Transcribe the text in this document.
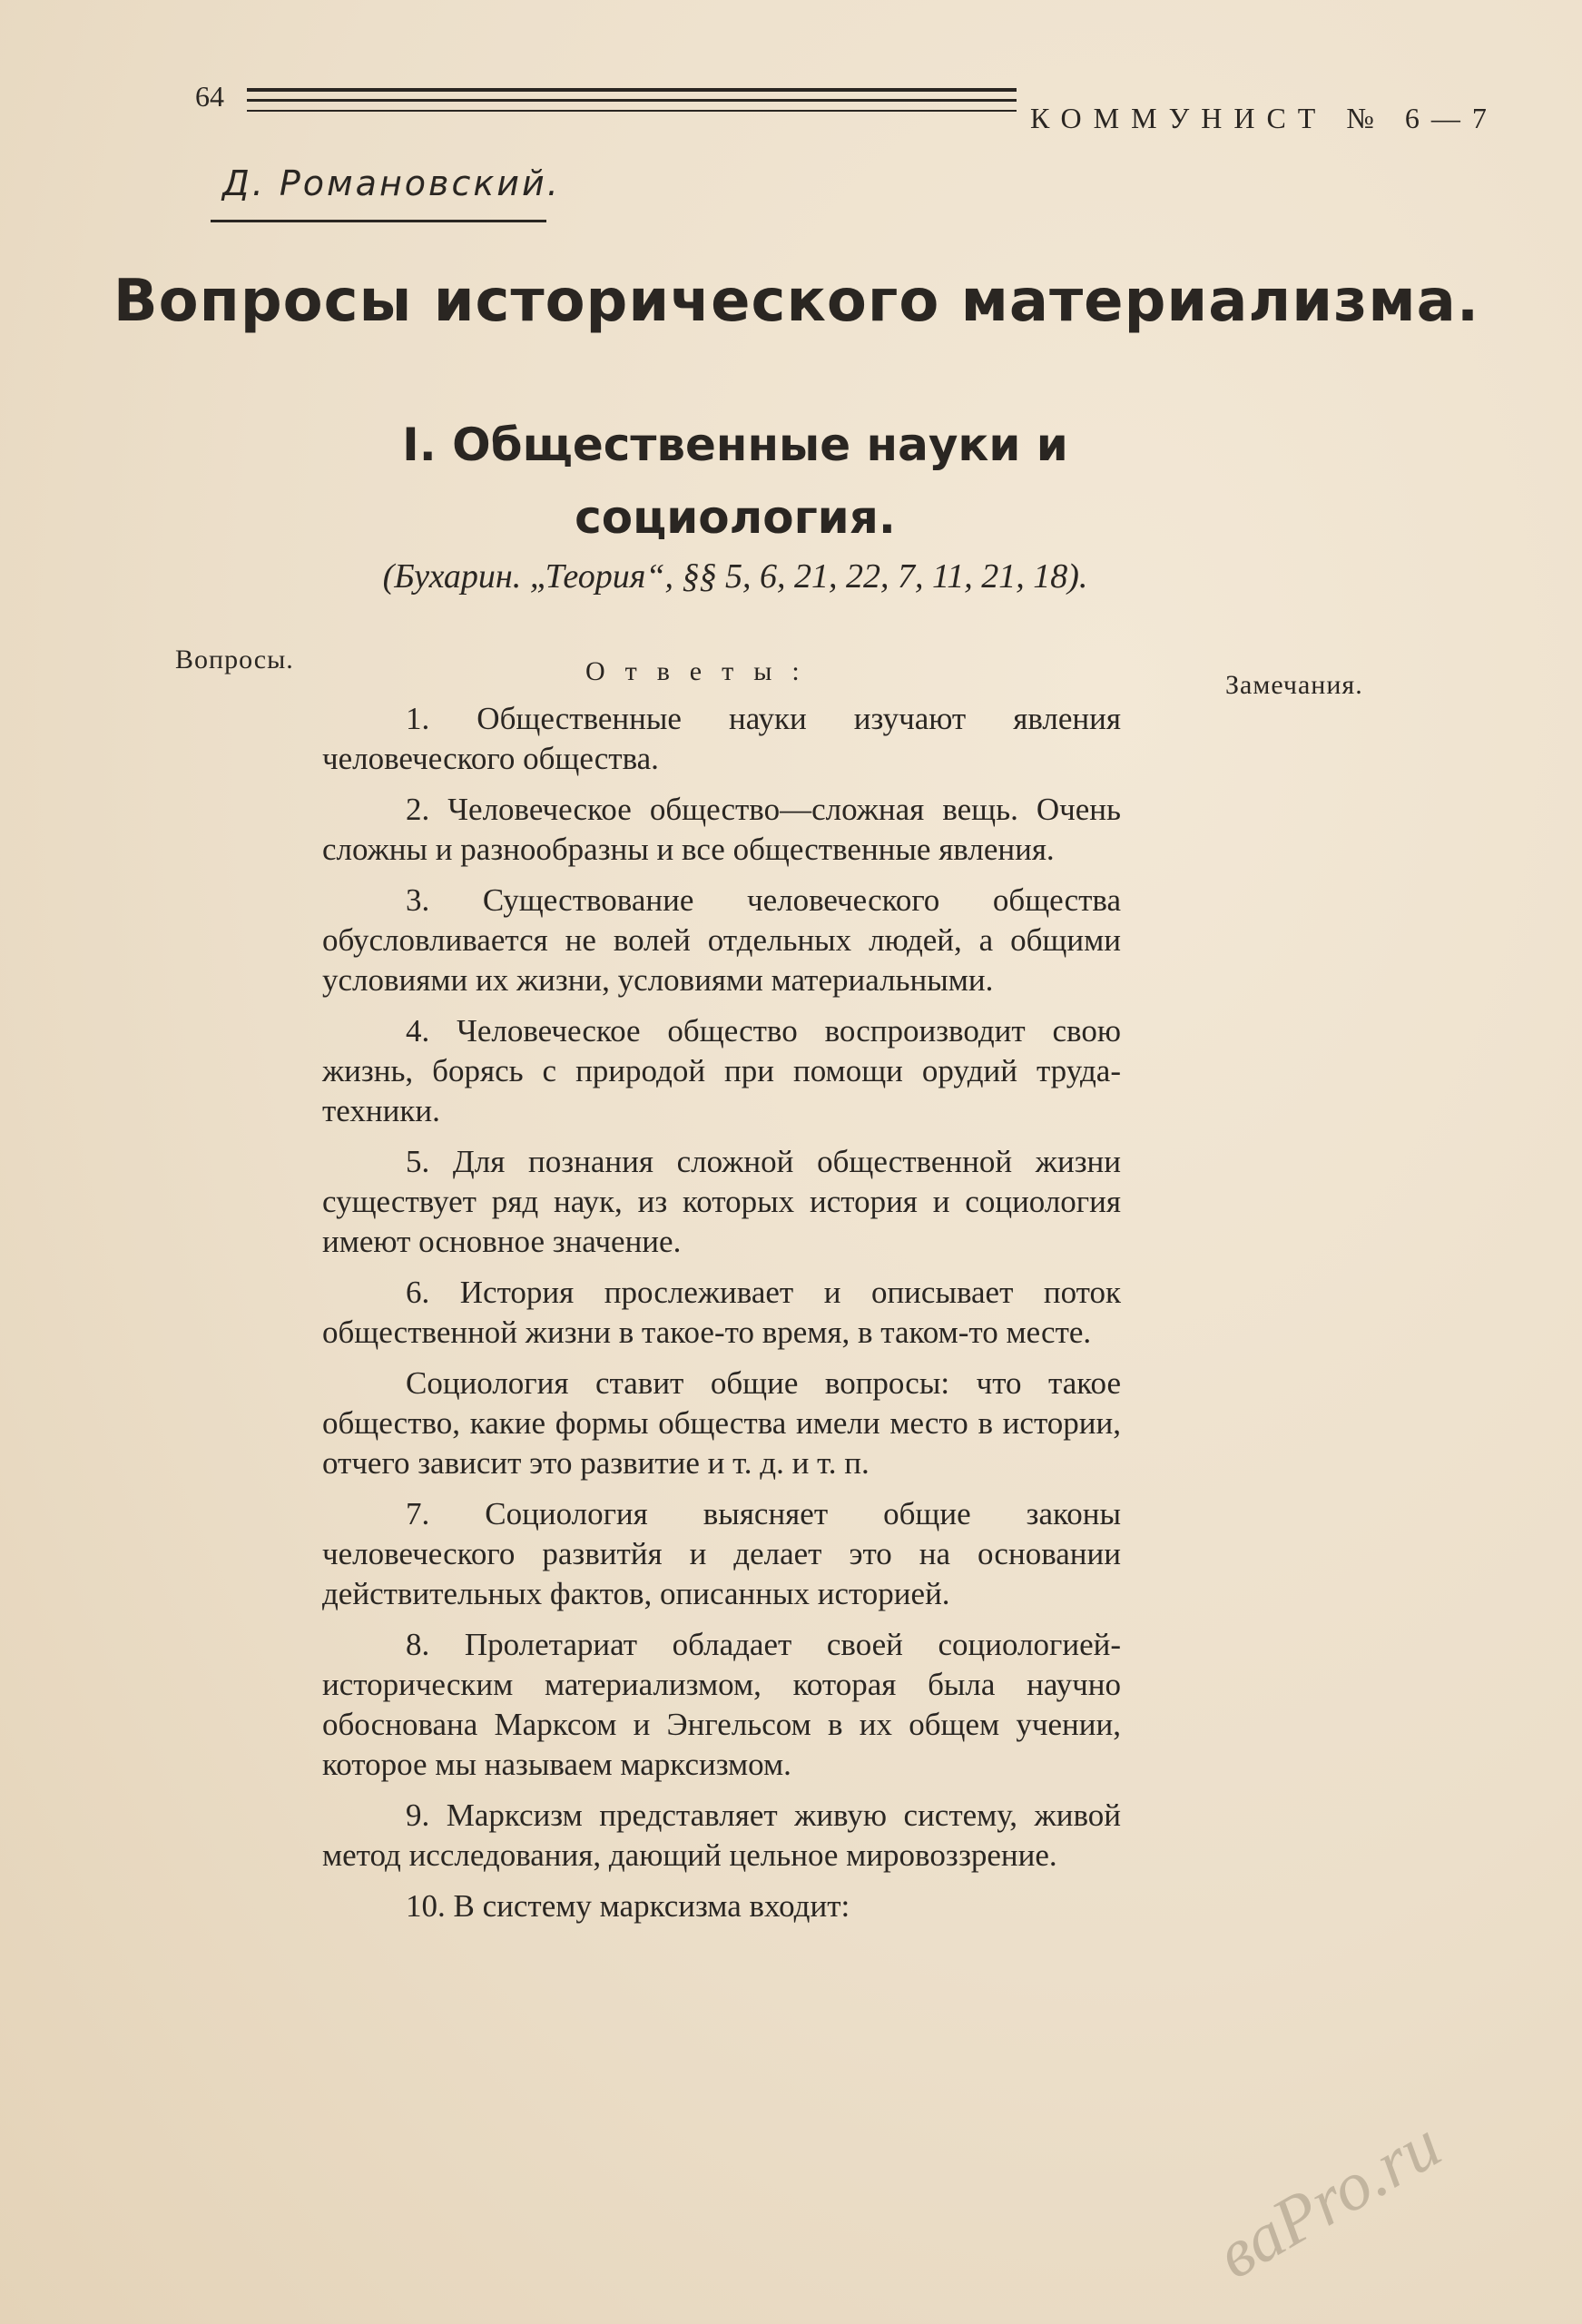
64
КОММУНИСТ № 6—7
Д. Романовский.
Вопросы исторического материализма.
I. Общественные науки и социология.
(Бухарин. „Теория“, §§ 5, 6, 21, 22, 7, 11, 21, 18).
Вопросы.	Ответы:	Замечания.

1. Общественные науки изучают явления человеческого общества.

2. Человеческое общество—сложная вещь. Очень сложны и разнообразны и все общественные явления.

3. Существование человеческого общества обусловливается не волей отдельных людей, а общими условиями их жизни, условиями материальными.

4. Человеческое общество воспроизводит свою жизнь, борясь с природой при помощи орудий труда-техники.

5. Для познания сложной общественной жизни существует ряд наук, из которых история и социология имеют основное значение.

6. История прослеживает и описывает поток общественной жизни в такое-то время, в таком-то месте.

Социология ставит общие вопросы: что такое общество, какие формы общества имели место в истории, отчего зависит это развитие и т. д. и т. п.

7. Социология выясняет общие законы человеческого развитйя и делает это на основании действительных фактов, описанных историей.

8. Пролетариат обладает своей социологией-историческим материализмом, которая была научно обоснована Марксом и Энгельсом в их общем учении, которое мы называем марксизмом.

9. Марксизм представляет живую систему, живой метод исследования, дающий цельное мировоззрение.

10. В систему марксизма входит:

ваPro.ru
